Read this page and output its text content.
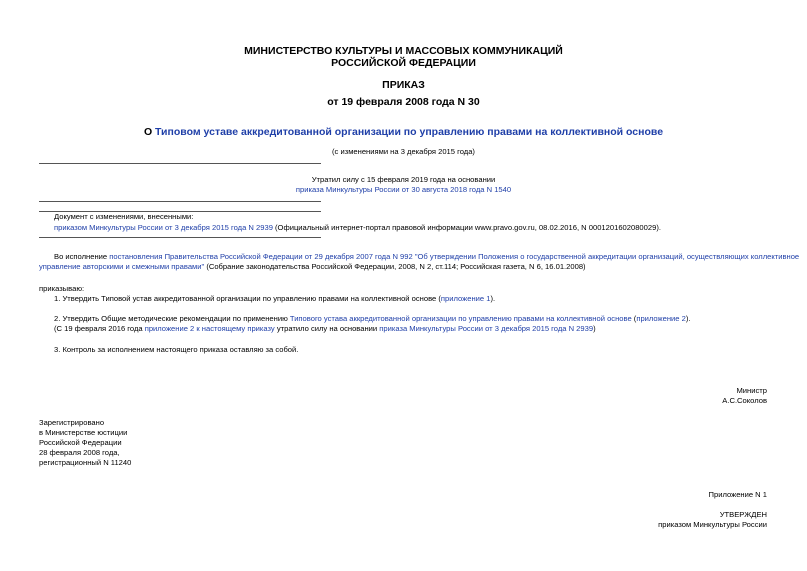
МИНИСТЕРСТВО КУЛЬТУРЫ И МАССОВЫХ КОММУНИКАЦИЙ
РОССИЙСКОЙ ФЕДЕРАЦИИ
ПРИКАЗ
от 19 февраля 2008 года N 30
О Типовом уставе аккредитованной организации по управлению правами на коллективной основе
(с изменениями на 3 декабря 2015 года)
Утратил силу с 15 февраля 2019 года на основании
приказа Минкультуры России от 30 августа 2018 года N 1540
Документ с изменениями, внесенными:
приказом Минкультуры России от 3 декабря 2015 года N 2939 (Официальный интернет-портал правовой информации www.pravo.gov.ru, 08.02.2016, N 0001201602080029).
Во исполнение постановления Правительства Российской Федерации от 29 декабря 2007 года N 992 "Об утверждении Положения о государственной аккредитации организаций, осуществляющих коллективное
управление авторскими и смежными правами" (Собрание законодательства Российской Федерации, 2008, N 2, ст.114; Российская газета, N 6, 16.01.2008)
приказываю:
1. Утвердить Типовой устав аккредитованной организации по управлению правами на коллективной основе (приложение 1).
2. Утвердить Общие методические рекомендации по применению Типового устава аккредитованной организации по управлению правами на коллективной основе (приложение 2).
(С 19 февраля 2016 года приложение 2 к настоящему приказу утратило силу на основании приказа Минкультуры России от 3 декабря 2015 года N 2939)
3. Контроль за исполнением настоящего приказа оставляю за собой.
Министр
А.С.Соколов
Зарегистрировано
в Министерстве юстиции
Российской Федерации
28 февраля 2008 года,
регистрационный N 11240
Приложение N 1
УТВЕРЖДЕН
приказом Минкультуры России
